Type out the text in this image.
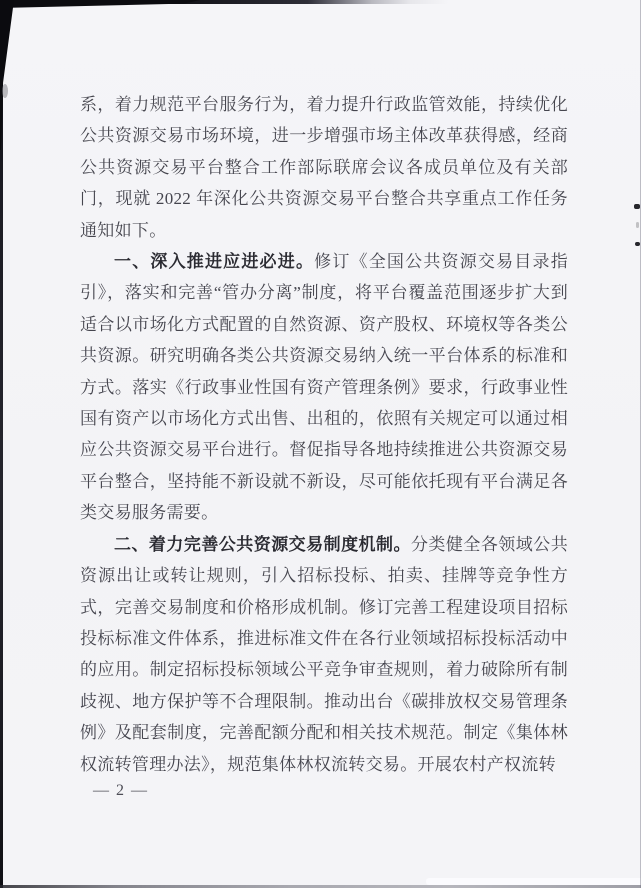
系，着力规范平台服务行为，着力提升行政监管效能，持续优化公共资源交易市场环境，进一步增强市场主体改革获得感，经商公共资源交易平台整合工作部际联席会议各成员单位及有关部门，现就 2022 年深化公共资源交易平台整合共享重点工作任务通知如下。

一、深入推进应进必进。修订《全国公共资源交易目录指引》，落实和完善“管办分离”制度，将平台覆盖范围逐步扩大到适合以市场化方式配置的自然资源、资产股权、环境权等各类公共资源。研究明确各类公共资源交易纳入统一平台体系的标准和方式。落实《行政事业性国有资产管理条例》要求，行政事业性国有资产以市场化方式出售、出租的，依照有关规定可以通过相应公共资源交易平台进行。督促指导各地持续推进公共资源交易平台整合，坚持能不新设就不新设，尽可能依托现有平台满足各类交易服务需要。

二、着力完善公共资源交易制度机制。分类健全各领域公共资源出让或转让规则，引入招标投标、拍卖、挂牌等竞争性方式，完善交易制度和价格形成机制。修订完善工程建设项目招标投标标准文件体系，推进标准文件在各行业领域招标投标活动中的应用。制定招标投标领域公平竞争审查规则，着力破除所有制歧视、地方保护等不合理限制。推动出台《碳排放权交易管理条例》及配套制度，完善配额分配和相关技术规范。制定《集体林权流转管理办法》，规范集体林权流转交易。开展农村产权流转

— 2 —
